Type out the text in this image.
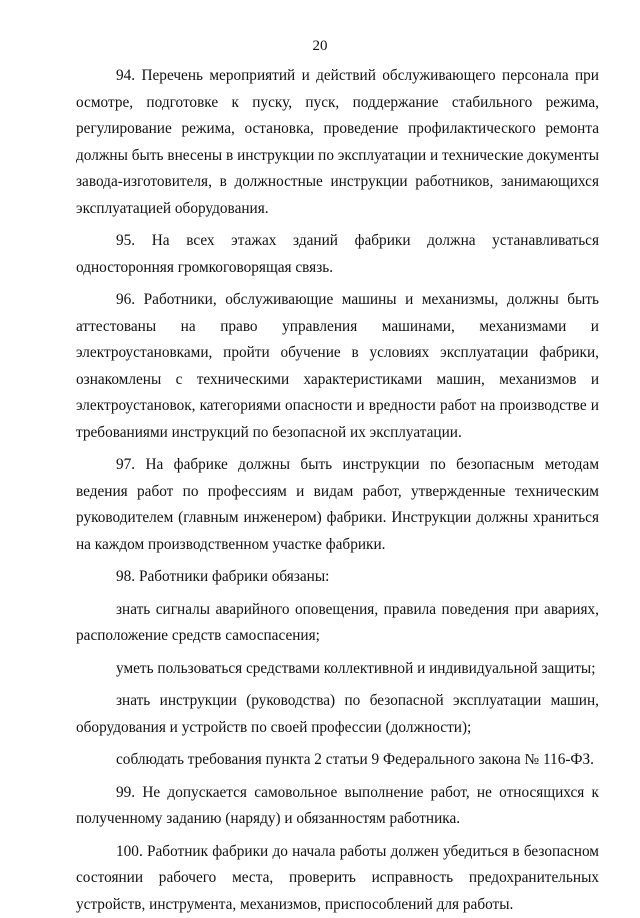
20

94. Перечень мероприятий и действий обслуживающего персонала при осмотре, подготовке к пуску, пуск, поддержание стабильного режима, регулирование режима, остановка, проведение профилактического ремонта должны быть внесены в инструкции по эксплуатации и технические документы завода-изготовителя, в должностные инструкции работников, занимающихся эксплуатацией оборудования.

95. На всех этажах зданий фабрики должна устанавливаться односторонняя громкоговорящая связь.

96. Работники, обслуживающие машины и механизмы, должны быть аттестованы на право управления машинами, механизмами и электроустановками, пройти обучение в условиях эксплуатации фабрики, ознакомлены с техническими характеристиками машин, механизмов и электроустановок, категориями опасности и вредности работ на производстве и требованиями инструкций по безопасной их эксплуатации.

97. На фабрике должны быть инструкции по безопасным методам ведения работ по профессиям и видам работ, утвержденные техническим руководителем (главным инженером) фабрики. Инструкции должны храниться на каждом производственном участке фабрики.

98. Работники фабрики обязаны:

знать сигналы аварийного оповещения, правила поведения при авариях, расположение средств самоспасения;

уметь пользоваться средствами коллективной и индивидуальной защиты;

знать инструкции (руководства) по безопасной эксплуатации машин, оборудования и устройств по своей профессии (должности);

соблюдать требования пункта 2 статьи 9 Федерального закона № 116-ФЗ.

99. Не допускается самовольное выполнение работ, не относящихся к полученному заданию (наряду) и обязанностям работника.

100. Работник фабрики до начала работы должен убедиться в безопасном состоянии рабочего места, проверить исправность предохранительных устройств, инструмента, механизмов, приспособлений для работы.
